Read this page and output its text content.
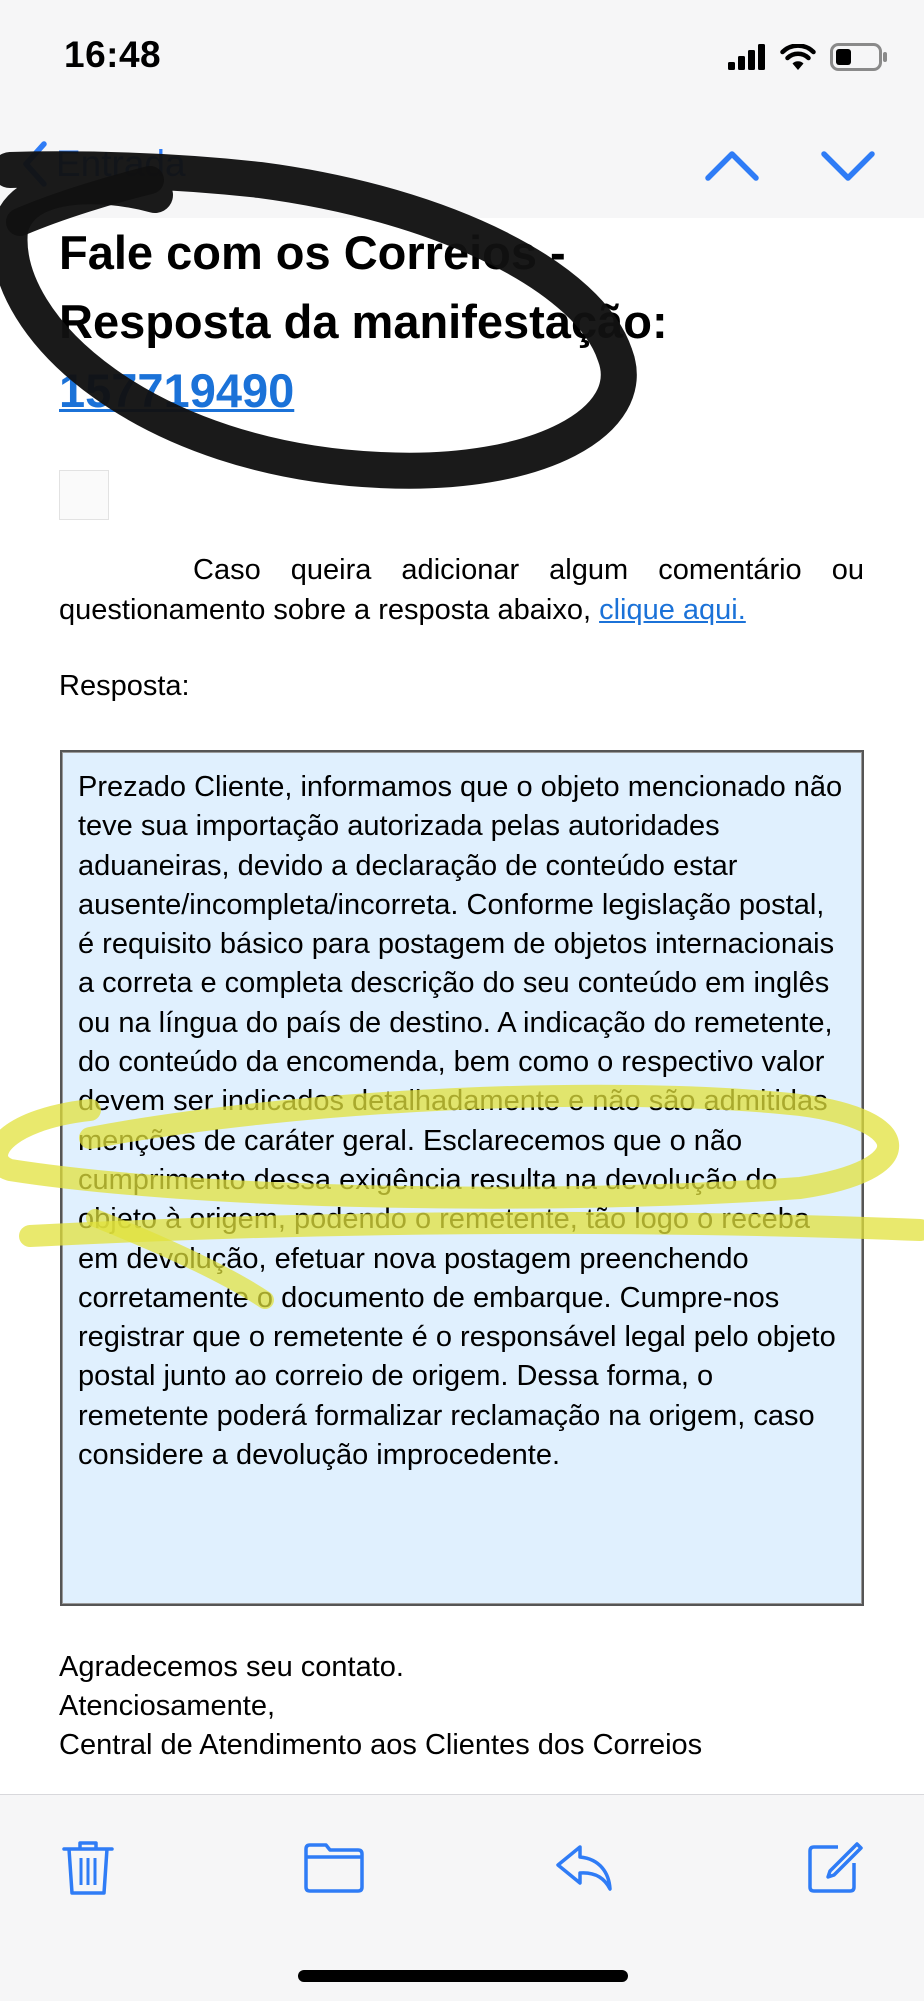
16:48
Entrada
Fale com os Correios -
Resposta da manifestação:
157719490
Caso queira adicionar algum comentário ou questionamento sobre a resposta abaixo, clique aqui.
Resposta:
Prezado Cliente, informamos que o objeto mencionado não teve sua importação autorizada pelas autoridades aduaneiras, devido a declaração de conteúdo estar ausente/incompleta/incorreta. Conforme legislação postal, é requisito básico para postagem de objetos internacionais a correta e completa descrição do seu conteúdo em inglês ou na língua do país de destino. A indicação do remetente, do conteúdo da encomenda, bem como o respectivo valor devem ser indicados detalhadamente e não são admitidas menções de caráter geral. Esclarecemos que o não cumprimento dessa exigência resulta na devolução do objeto à origem, podendo o remetente, tão logo o receba em devolução, efetuar nova postagem preenchendo corretamente o documento de embarque. Cumpre-nos registrar que o remetente é o responsável legal pelo objeto postal junto ao correio de origem. Dessa forma, o remetente poderá formalizar reclamação na origem, caso considere a devolução improcedente.
Agradecemos seu contato.
Atenciosamente,
Central de Atendimento aos Clientes dos Correios
